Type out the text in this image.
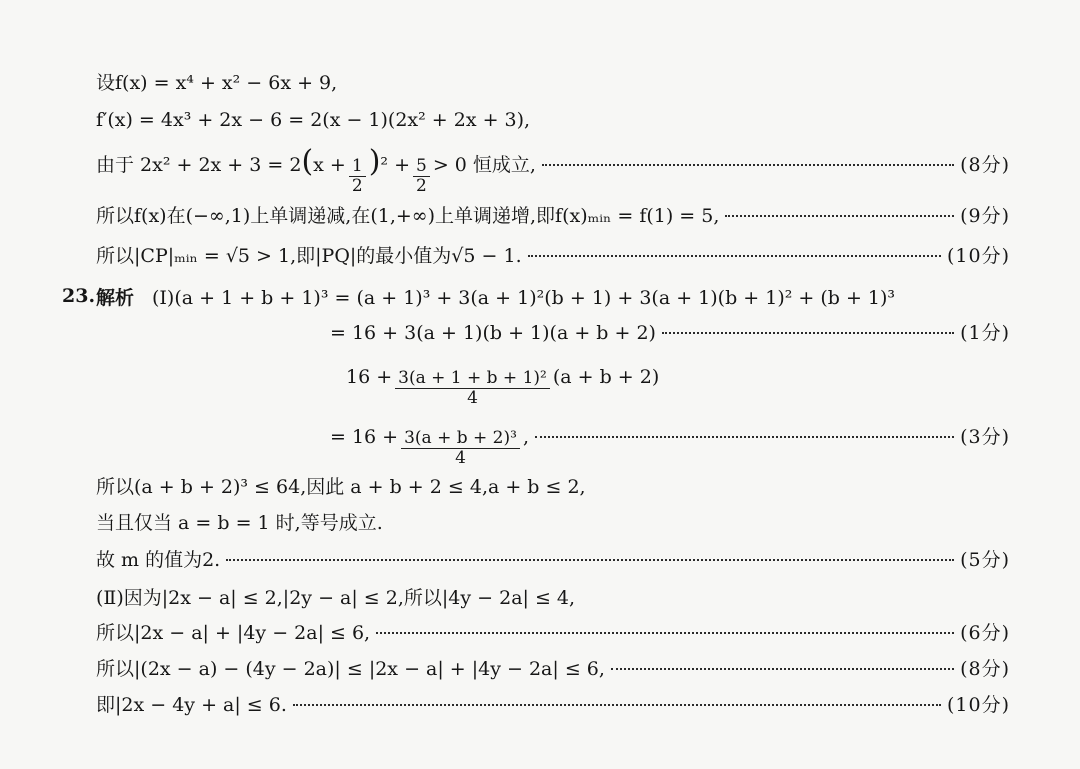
设f(x) = x⁴ + x² − 6x + 9,
f′(x) = 4x³ + 2x − 6 = 2(x − 1)(2x² + 2x + 3),
由于 2x² + 2x + 3 = 2 ( $x + \frac{1}{2}$ ) $^2 + \frac{5}{2} > 0$ 恒成立,	(8分)
所以f(x)在(−∞,1)上单调递减,在(1,+∞)上单调递增,即f(x)ₘᵢₙ = f(1) = 5,	(9分)
所以|CP|ₘᵢₙ = √5 > 1,即|PQ|的最小值为√5 − 1.	(10分)
23. 解析 (Ⅰ)(a + 1 + b + 1)³ = (a + 1)³ + 3(a + 1)²(b + 1) + 3(a + 1)(b + 1)² + (b + 1)³
= 16 + 3(a + 1)(b + 1)(a + b + 2)	(1分)
$16 + \frac{\text{3(a + 1 + b + 1)²}}{4} (a + b + 2)$
= $16 + \frac{\text{3(a + b + 2)³}}{4}$ ,	(3分)
所以(a + b + 2)³ ≤ 64,因此 a + b + 2 ≤ 4,a + b ≤ 2,
当且仅当 a = b = 1 时,等号成立.
故 m 的值为2.	(5分)
(Ⅱ)因为|2x − a| ≤ 2,|2y − a| ≤ 2,所以|4y − 2a| ≤ 4,
所以|2x − a| + |4y − 2a| ≤ 6,	(6分)
所以|(2x − a) − (4y − 2a)| ≤ |2x − a| + |4y − 2a| ≤ 6,	(8分)
即|2x − 4y + a| ≤ 6.	(10分)
